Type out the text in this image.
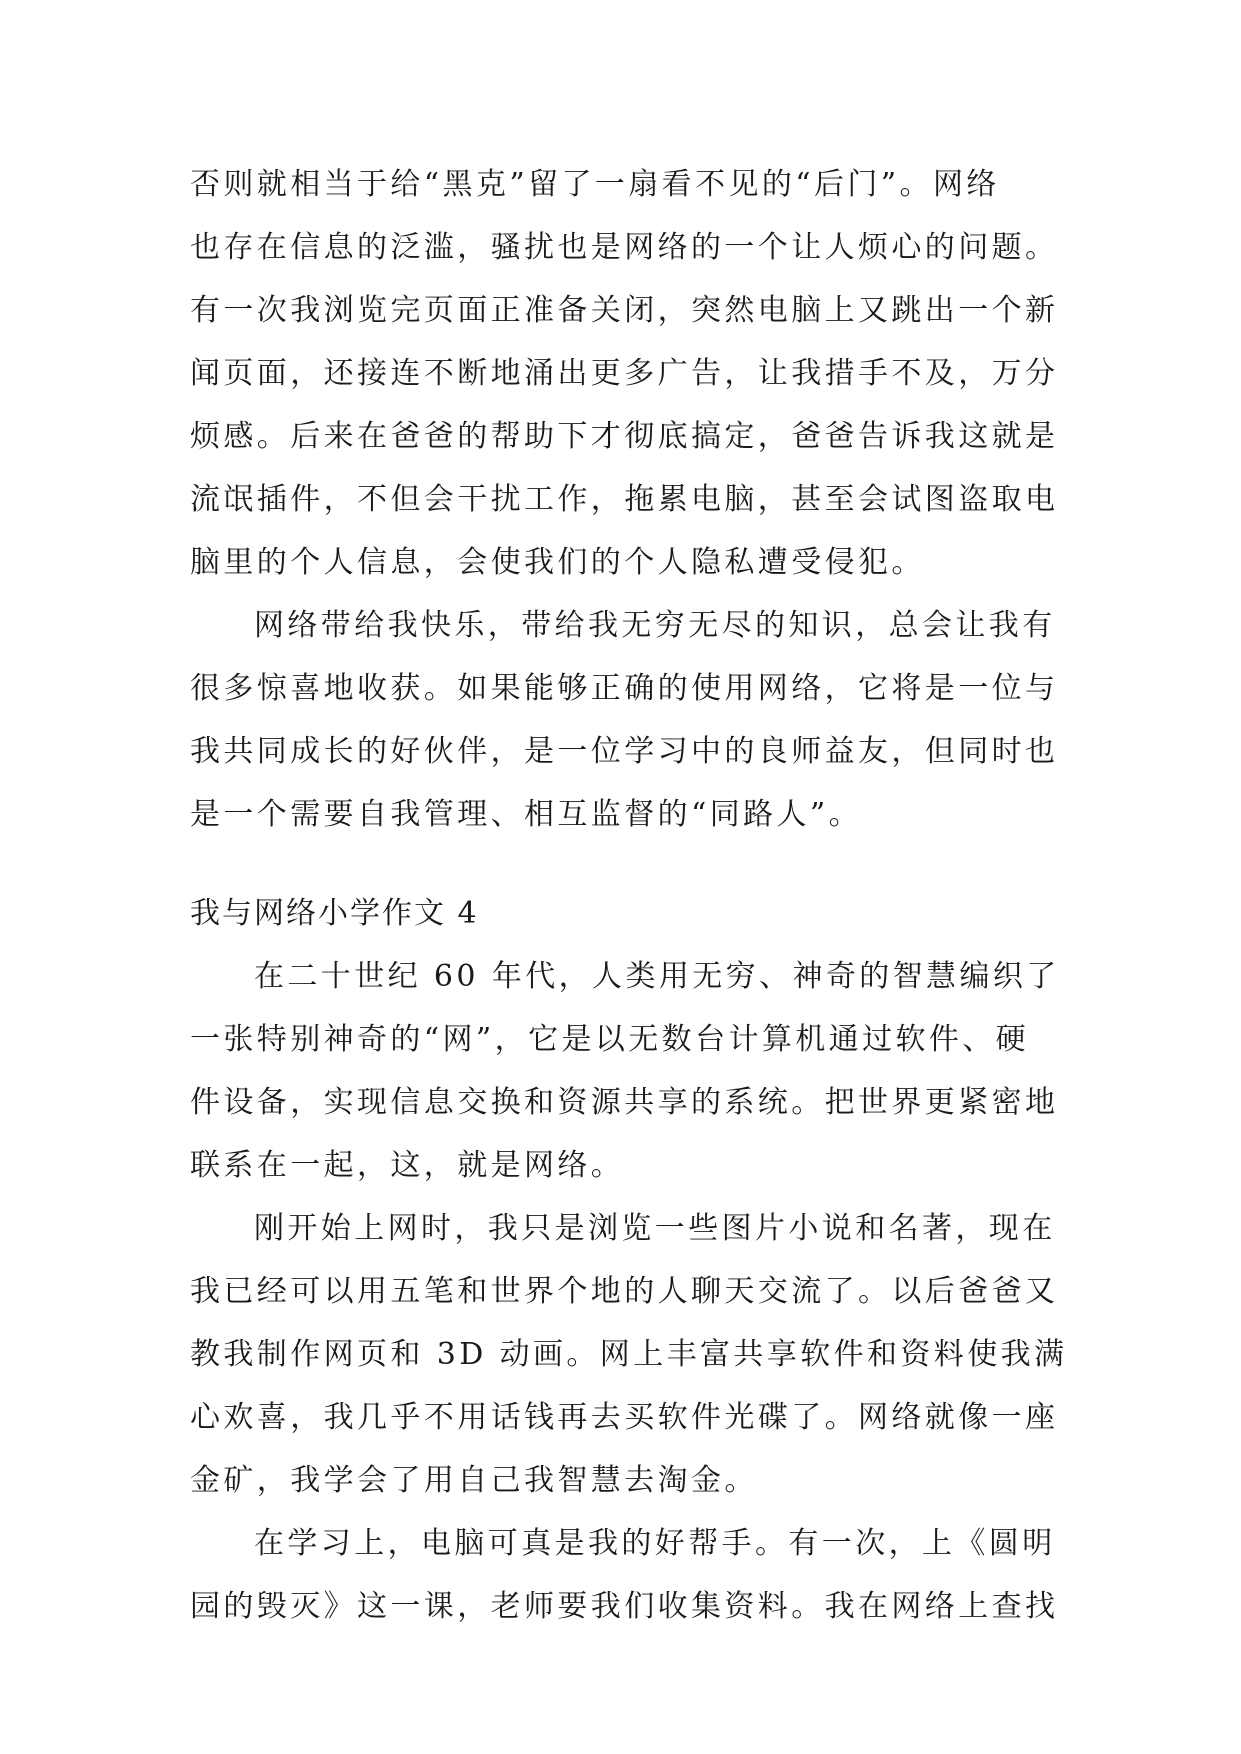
否则就相当于给“黑克”留了一扇看不见的“后门”。网络
也存在信息的泛滥，骚扰也是网络的一个让人烦心的问题。
有一次我浏览完页面正准备关闭，突然电脑上又跳出一个新
闻页面，还接连不断地涌出更多广告，让我措手不及，万分
烦感。后来在爸爸的帮助下才彻底搞定，爸爸告诉我这就是
流氓插件，不但会干扰工作，拖累电脑，甚至会试图盗取电
脑里的个人信息，会使我们的个人隐私遭受侵犯。
网络带给我快乐，带给我无穷无尽的知识，总会让我有
很多惊喜地收获。如果能够正确的使用网络，它将是一位与
我共同成长的好伙伴，是一位学习中的良师益友，但同时也
是一个需要自我管理、相互监督的“同路人”。
我与网络小学作文 4
在二十世纪 60 年代，人类用无穷、神奇的智慧编织了
一张特别神奇的“网”，它是以无数台计算机通过软件、硬
件设备，实现信息交换和资源共享的系统。把世界更紧密地
联系在一起，这，就是网络。
刚开始上网时，我只是浏览一些图片小说和名著，现在
我已经可以用五笔和世界个地的人聊天交流了。以后爸爸又
教我制作网页和 3D 动画。网上丰富共享软件和资料使我满
心欢喜，我几乎不用话钱再去买软件光碟了。网络就像一座
金矿，我学会了用自己我智慧去淘金。
在学习上，电脑可真是我的好帮手。有一次，上《圆明
园的毁灭》这一课，老师要我们收集资料。我在网络上查找
